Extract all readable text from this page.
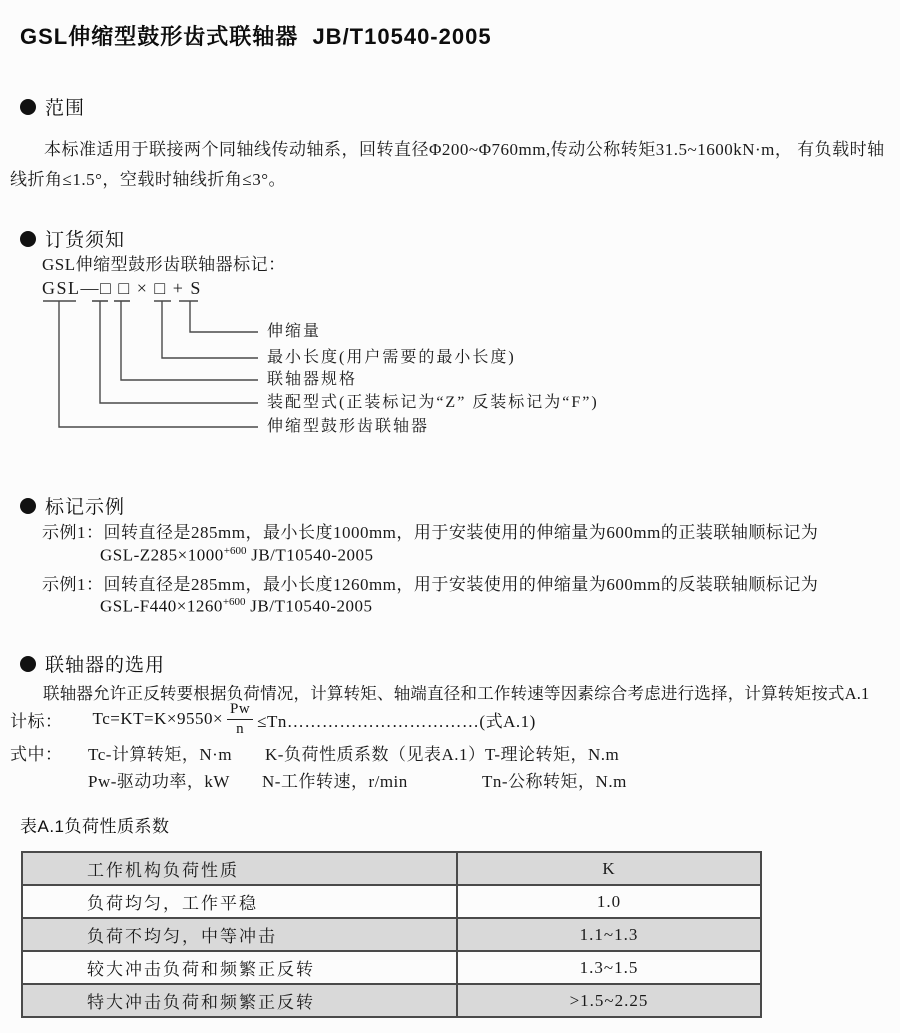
GSL伸缩型鼓形齿式联轴器  JB/T10540-2005
范围
本标准适用于联接两个同轴线传动轴系，回转直径Φ200~Φ760mm,传动公称转矩31.5~1600kN·m， 有负载时轴线折角≤1.5°，空载时轴线折角≤3°。
订货须知
GSL伸缩型鼓形齿联轴器标记：
GSL—□ □ × □ + S
伸缩量
最小长度(用户需要的最小长度)
联轴器规格
装配型式(正装标记为“Z” 反装标记为“F”)
伸缩型鼓形齿联轴器
标记示例
示例1：回转直径是285mm，最小长度1000mm，用于安装使用的伸缩量为600mm的正装联轴顺标记为
GSL-$Z285\times 1000^{+600}$ JB/T10540-2005
示例1：回转直径是285mm，最小长度1260mm，用于安装使用的伸缩量为600mm的反装联轴顺标记为
GSL-$F440\times 1260^{+600}$ JB/T10540-2005
联轴器的选用
联轴器允许正反转要根据负荷情况，计算转矩、轴端直径和工作转速等因素综合考虑进行选择，计算转矩按式A.1
计标： $Tc=KT=K\times 9550\times \frac{Pw}{n}$ ≤Tn……………………………(式A.1)
式中： Tc-计算转矩，N·m K-负荷性质系数（见表A.1） T-理论转矩，N.m
Pw-驱动功率，kW N-工作转速，r/min	Tn-公称转矩，N.m
表A.1负荷性质系数
工作机构负荷性质	K
负荷均匀，工作平稳	1.0
负荷不均匀，中等冲击	1.1~1.3
较大冲击负荷和频繁正反转	1.3~1.5
特大冲击负荷和频繁正反转	>1.5~2.25
